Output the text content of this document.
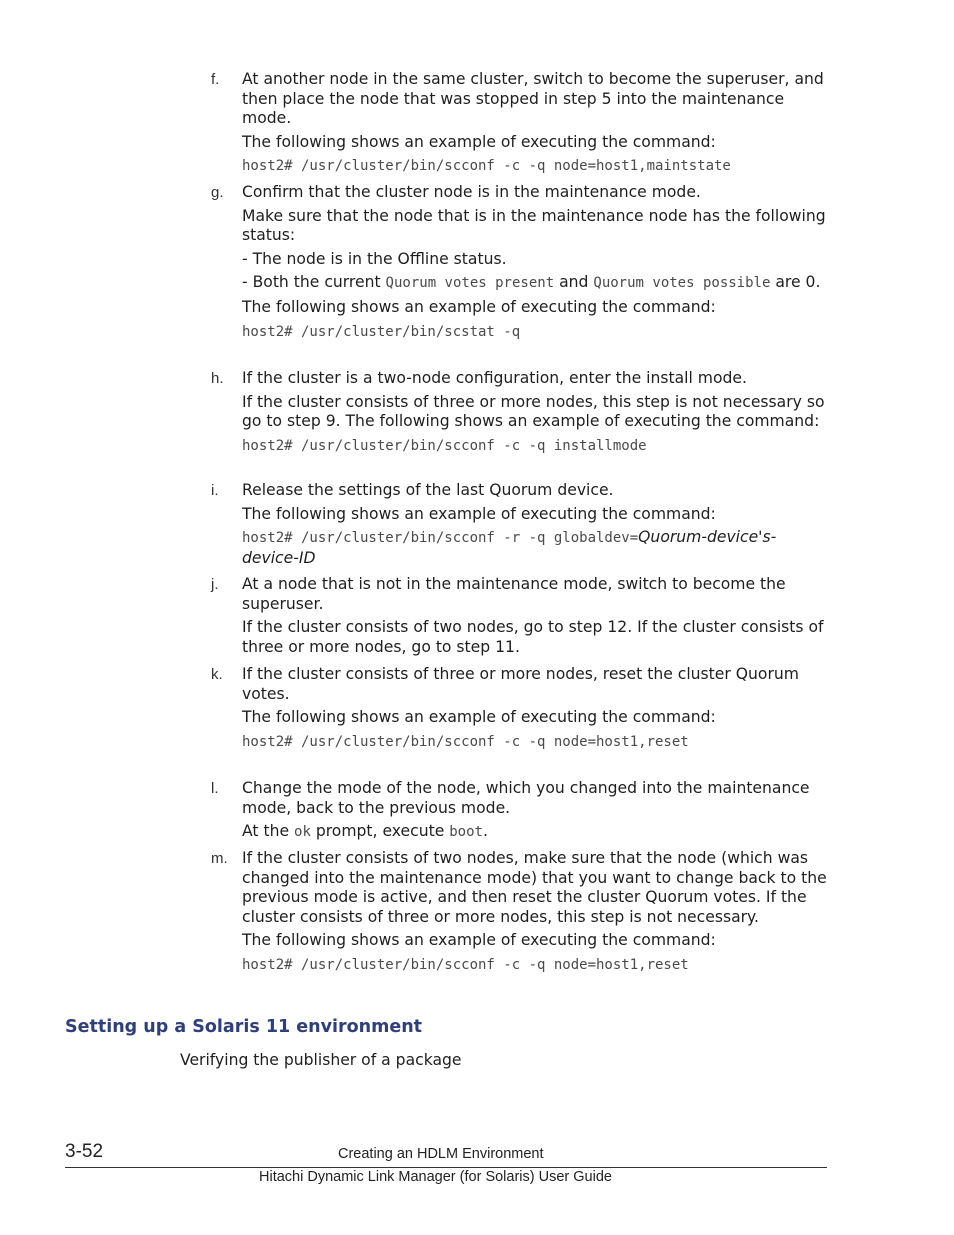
f. At another node in the same cluster, switch to become the superuser, and then place the node that was stopped in step 5 into the maintenance mode.

The following shows an example of executing the command:

host2# /usr/cluster/bin/scconf -c -q node=host1,maintstate
g. Confirm that the cluster node is in the maintenance mode.

Make sure that the node that is in the maintenance node has the following status:

- The node is in the Offline status.

- Both the current Quorum votes present and Quorum votes possible are 0.

The following shows an example of executing the command:

host2# /usr/cluster/bin/scstat -q
h. If the cluster is a two-node configuration, enter the install mode.

If the cluster consists of three or more nodes, this step is not necessary so go to step 9. The following shows an example of executing the command:

host2# /usr/cluster/bin/scconf -c -q installmode
i. Release the settings of the last Quorum device.

The following shows an example of executing the command:

host2# /usr/cluster/bin/scconf -r -q globaldev=Quorum-device's-device-ID

j. At a node that is not in the maintenance mode, switch to become the superuser.

If the cluster consists of two nodes, go to step 12. If the cluster consists of three or more nodes, go to step 11.

k. If the cluster consists of three or more nodes, reset the cluster Quorum votes.

The following shows an example of executing the command:

host2# /usr/cluster/bin/scconf -c -q node=host1,reset
l. Change the mode of the node, which you changed into the maintenance mode, back to the previous mode.

At the ok prompt, execute boot.

m. If the cluster consists of two nodes, make sure that the node (which was changed into the maintenance mode) that you want to change back to the previous mode is active, and then reset the cluster Quorum votes. If the cluster consists of three or more nodes, this step is not necessary.

The following shows an example of executing the command:

host2# /usr/cluster/bin/scconf -c -q node=host1,reset
Setting up a Solaris 11 environment
Verifying the publisher of a package
3-52	Creating an HDLM Environment
Hitachi Dynamic Link Manager (for Solaris) User Guide
